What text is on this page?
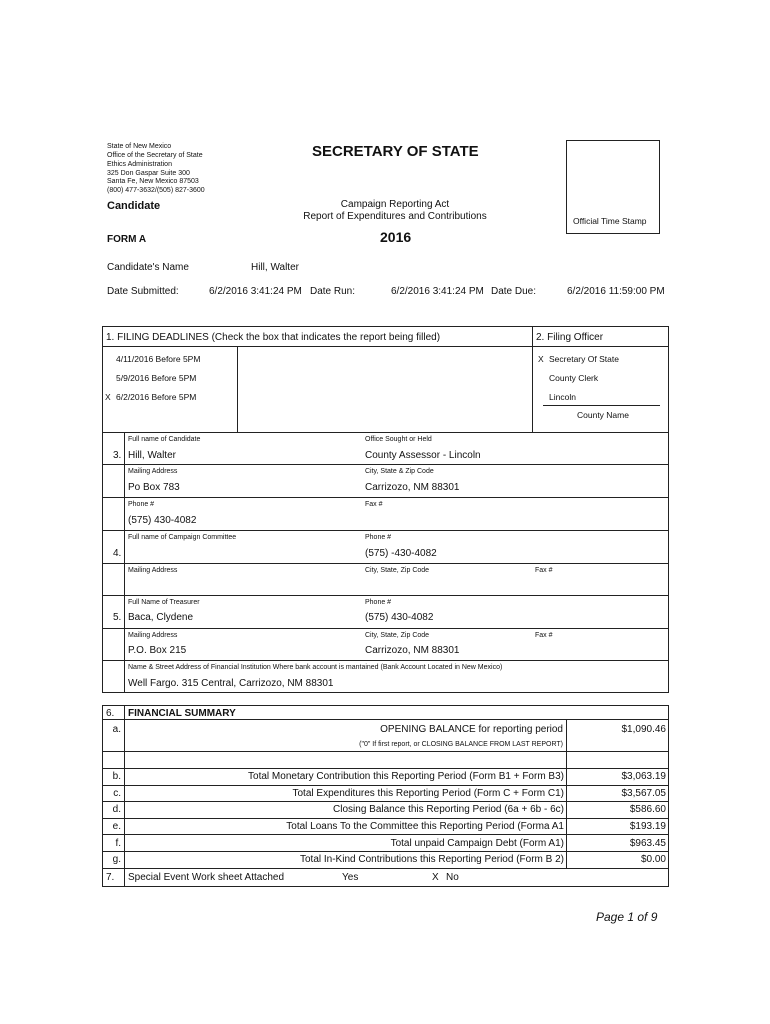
State of New Mexico
Office of the Secretary of State
Ethics Administration
325 Don Gaspar Suite 300
Santa Fe, New Mexico 87503
(800) 477-3632/(505) 827-3600
SECRETARY OF STATE
Candidate	Campaign Reporting Act
Report of Expenditures and Contributions
2016
FORM A
Official Time Stamp
Candidate's Name	Hill, Walter
Date Submitted:	6/2/2016 3:41:24 PM Date Run:	6/2/2016 3:41:24 PM Date Due:	6/2/2016 11:59:00 PM
1. FILING DEADLINES (Check the box that indicates the report being filled)	2. Filing Officer
4/11/2016 Before 5PM
5/9/2016 Before 5PM
X 6/2/2016 Before 5PM
X Secretary Of State
County Clerk
Lincoln
County Name
Full name of Candidate	Office Sought or Held
3. Hill, Walter	County Assessor - Lincoln
Mailing Address	City, State & Zip Code
Po Box 783	Carrizozo, NM 88301
Phone #	Fax #
(575) 430-4082
Full name of Campaign Committee	Phone #
4.	(575) -430-4082
Mailing Address	City, State, Zip Code	Fax #
Full Name of Treasurer	Phone #
5. Baca, Clydene	(575) 430-4082
Mailing Address	City, State, Zip Code	Fax #
P.O. Box 215	Carrizozo, NM 88301
Name & Street Address of Financial Institution Where bank account is mantained (Bank Account Located in New Mexico)
Well Fargo. 315 Central, Carrizozo, NM 88301
6. FINANCIAL SUMMARY
a.	OPENING BALANCE for reporting period	$1,090.46
("0" If first report, or CLOSING BALANCE FROM LAST REPORT)
b.	Total Monetary Contribution this Reporting Period (Form B1 + Form B3)	$3,063.19
c.	Total Expenditures this Reporting Period (Form C + Form C1)	$3,567.05
d.	Closing Balance this Reporting Period (6a + 6b - 6c)	$586.60
e.	Total Loans To the Committee this Reporting Period (Forma A1	$193.19
f.	Total unpaid Campaign Debt (Form A1)	$963.45
g.	Total In-Kind Contributions this Reporting Period (Form B 2)	$0.00
7. Special Event Work sheet Attached	Yes	X No
Page 1 of 9
